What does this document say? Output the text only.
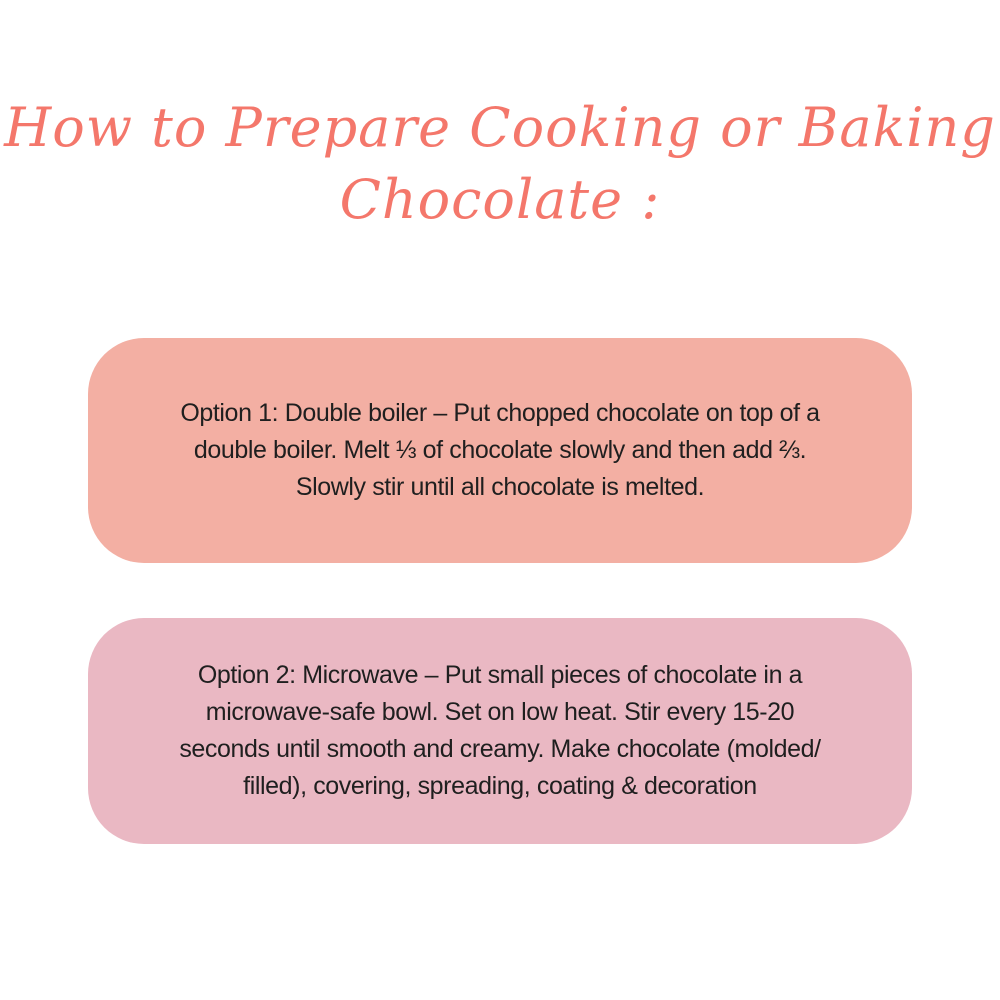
How to Prepare Cooking or Baking
Chocolate :

Option 1: Double boiler – Put chopped chocolate on top of a
double boiler. Melt ⅓ of chocolate slowly and then add ⅔.
Slowly stir until all chocolate is melted.

Option 2: Microwave – Put small pieces of chocolate in a
microwave-safe bowl. Set on low heat. Stir every 15-20
seconds until smooth and creamy. Make chocolate (molded/
filled), covering, spreading, coating & decoration
